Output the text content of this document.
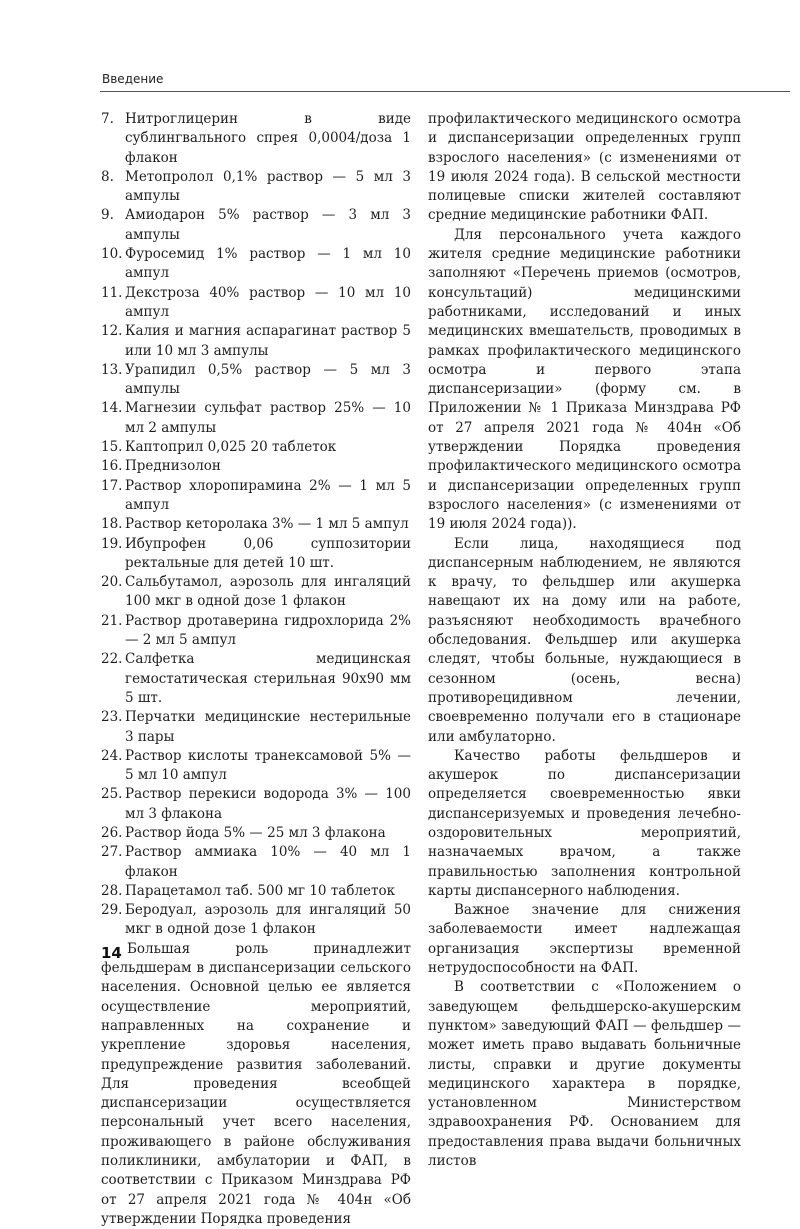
Введение
7. Нитроглицерин в виде сублингвального спрея 0,0004/доза 1 флакон
8. Метопролол 0,1% раствор — 5 мл 3 ампулы
9. Амиодарон 5% раствор — 3 мл 3 ампулы
10. Фуросемид 1% раствор — 1 мл 10 ампул
11. Декстроза 40% раствор — 10 мл 10 ампул
12. Калия и магния аспарагинат раствор 5 или 10 мл 3 ампулы
13. Урапидил 0,5% раствор — 5 мл 3 ампулы
14. Магнезии сульфат раствор 25% — 10 мл 2 ампулы
15. Каптоприл 0,025 20 таблеток
16. Преднизолон
17. Раствор хлоропирамина 2% — 1 мл 5 ампул
18. Раствор кеторолака 3% — 1 мл 5 ампул
19. Ибупрофен 0,06 суппозитории ректальные для детей 10 шт.
20. Сальбутамол, аэрозоль для ингаляций 100 мкг в одной дозе 1 флакон
21. Раствор дротаверина гидрохлорида 2% — 2 мл 5 ампул
22. Салфетка медицинская гемостатическая стерильная 90х90 мм 5 шт.
23. Перчатки медицинские нестерильные 3 пары
24. Раствор кислоты транексамовой 5% — 5 мл 10 ампул
25. Раствор перекиси водорода 3% — 100 мл 3 флакона
26. Раствор йода 5% — 25 мл 3 флакона
27. Раствор аммиака 10% — 40 мл 1 флакон
28. Парацетамол таб. 500 мг 10 таблеток
29. Беродуал, аэрозоль для ингаляций 50 мкг в одной дозе 1 флакон

Большая роль принадлежит фельдшерам в диспансеризации сельского населения. Основной целью ее является осуществление мероприятий, направленных на сохранение и укрепление здоровья населения, предупреждение развития заболеваний. Для проведения всеобщей диспансеризации осуществляется персональный учет всего населения, проживающего в районе обслуживания поликлиники, амбулатории и ФАП, в соответствии с Приказом Минздрава РФ от 27 апреля 2021 года № 404н «Об утверждении Порядка проведения

профилактического медицинского осмотра и диспансеризации определенных групп взрослого населения» (с изменениями от 19 июля 2024 года). В сельской местности полицевые списки жителей составляют средние медицинские работники ФАП.

Для персонального учета каждого жителя средние медицинские работники заполняют «Перечень приемов (осмотров, консультаций) медицинскими работниками, исследований и иных медицинских вмешательств, проводимых в рамках профилактического медицинского осмотра и первого этапа диспансеризации» (форму см. в Приложении № 1 Приказа Минздрава РФ от 27 апреля 2021 года № 404н «Об утверждении Порядка проведения профилактического медицинского осмотра и диспансеризации определенных групп взрослого населения» (с изменениями от 19 июля 2024 года)).

Если лица, находящиеся под диспансерным наблюдением, не являются к врачу, то фельдшер или акушерка навещают их на дому или на работе, разъясняют необходимость врачебного обследования. Фельдшер или акушерка следят, чтобы больные, нуждающиеся в сезонном (осень, весна) противорецидивном лечении, своевременно получали его в стационаре или амбулаторно.

Качество работы фельдшеров и акушерок по диспансеризации определяется своевременностью явки диспансеризуемых и проведения лечебно-оздоровительных мероприятий, назначаемых врачом, а также правильностью заполнения контрольной карты диспансерного наблюдения.

Важное значение для снижения заболеваемости имеет надлежащая организация экспертизы временной нетрудоспособности на ФАП.

В соответствии с «Положением о заведующем фельдшерско-акушерским пунктом» заведующий ФАП — фельдшер — может иметь право выдавать больничные листы, справки и другие документы медицинского характера в порядке, установленном Министерством здравоохранения РФ. Основанием для предоставления права выдачи больничных листов

14
